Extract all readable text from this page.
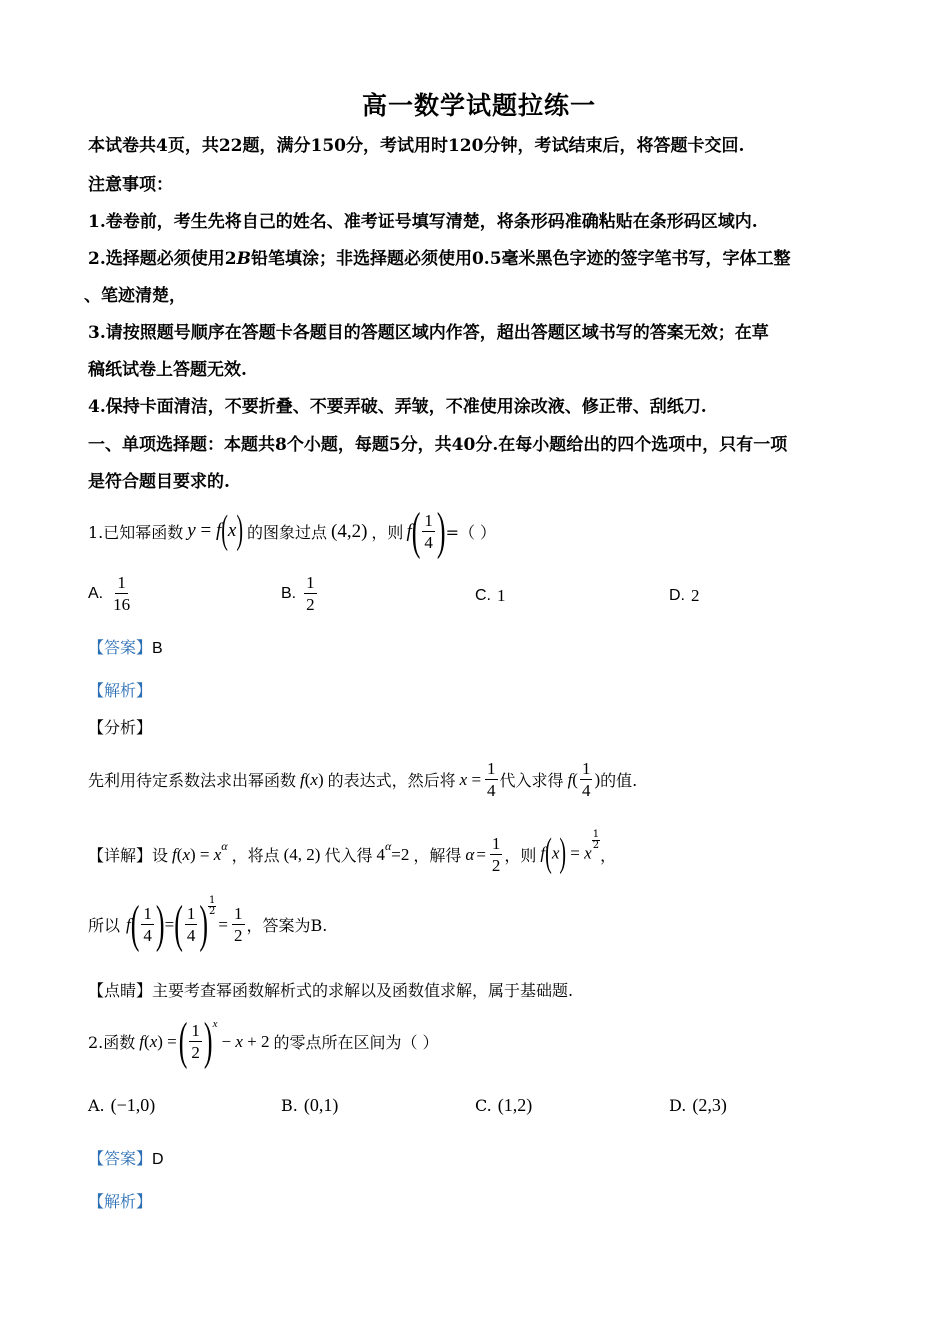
高一数学试题拉练一
本试卷共4页，共22题，满分150分，考试用时120分钟，考试结束后，将答题卡交回.
注意事项：
1.卷卷前，考生先将自己的姓名、准考证号填写清楚，将条形码准确粘贴在条形码区域内.
2.选择题必须使用2B铅笔填涂；非选择题必须使用0.5毫米黑色字迹的签字笔书写，字体工整
、笔迹清楚，
3.请按照题号顺序在答题卡各题目的答题区域内作答，超出答题区域书写的答案无效；在草
稿纸试卷上答题无效.
4.保持卡面清洁，不要折叠、不要弄破、弄皱，不准使用涂改液、修正带、刮纸刀.
一、单项选择题：本题共8个小题，每题5分，共40分.在每小题给出的四个选项中，只有一项
是符合题目要求的.
1.已知幂函数 y = f(x) 的图象过点 (4,2) ，则 f ( $\frac{1}{4}$ ) =（ ）
A. $\frac{1}{16}$	B. $\frac{1}{2}$	C. 1	D. 2
【答案】B
【解析】
【分析】
先利用待定系数法求出幂函数 f(x) 的表达式，然后将 $x = \frac{1}{4}$ 代入求得 f ( $\frac{1}{4}$ ) 的值.
【详解】 设 $f(x) = x^\alpha$
，将点 (4, 2) 代入得 $4^\alpha=2$ ，解得 $\alpha = \frac{1}{2}$ ，则 f(x) = x
1
2
，
所以 f ( $\frac{1}{4}$ ) = ( $\frac{1}{4}$ ) $\frac{1}{2}$
= $\frac{1}{2}$ ，答案为B.
【点睛】主要考查幂函数解析式的求解以及函数值求解，属于基础题.
2.函数 f(x) = ( $\frac{1}{2}$ ) x
− x + 2 的零点所在区间为（ ）
A. (−1,0)	B. (0,1)	C. (1,2)	D. (2,3)
【答案】D
【解析】
